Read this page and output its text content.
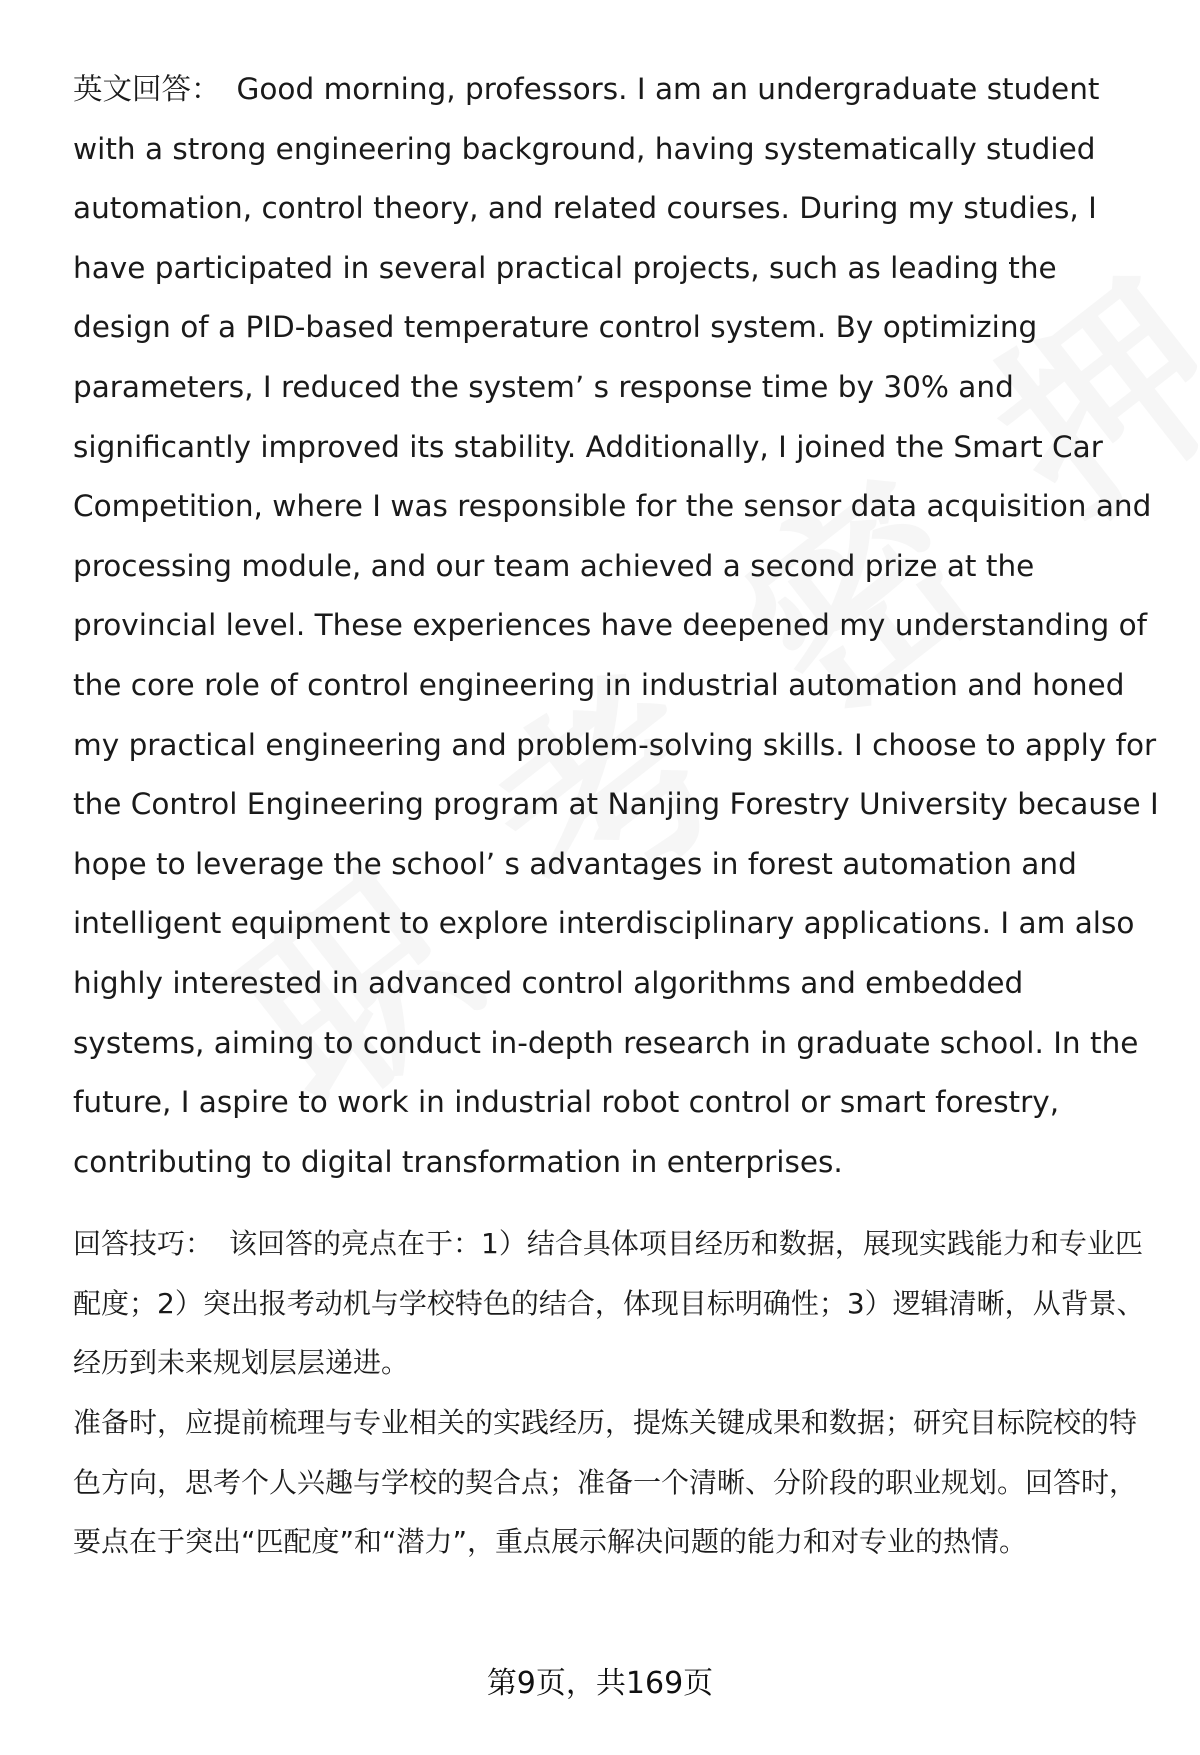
英文回答： Good morning, professors. I am an undergraduate student with a strong engineering background, having systematically studied automation, control theory, and related courses. During my studies, I have participated in several practical projects, such as leading the design of a PID-based temperature control system. By optimizing parameters, I reduced the system’ s response time by 30% and significantly improved its stability. Additionally, I joined the Smart Car Competition, where I was responsible for the sensor data acquisition and processing module, and our team achieved a second prize at the provincial level. These experiences have deepened my understanding of the core role of control engineering in industrial automation and honed my practical engineering and problem-solving skills. I choose to apply for the Control Engineering program at Nanjing Forestry University because I hope to leverage the school’ s advantages in forest automation and intelligent equipment to explore interdisciplinary applications. I am also highly interested in advanced control algorithms and embedded systems, aiming to conduct in-depth research in graduate school. In the future, I aspire to work in industrial robot control or smart forestry, contributing to digital transformation in enterprises.

回答技巧： 该回答的亮点在于：1）结合具体项目经历和数据，展现实践能力和专业匹配度；2）突出报考动机与学校特色的结合，体现目标明确性；3）逻辑清晰，从背景、经历到未来规划层层递进。
准备时，应提前梳理与专业相关的实践经历，提炼关键成果和数据；研究目标院校的特色方向，思考个人兴趣与学校的契合点；准备一个清晰、分阶段的职业规划。回答时，要点在于突出“匹配度”和“潜力”，重点展示解决问题的能力和对专业的热情。

第9页，共169页
